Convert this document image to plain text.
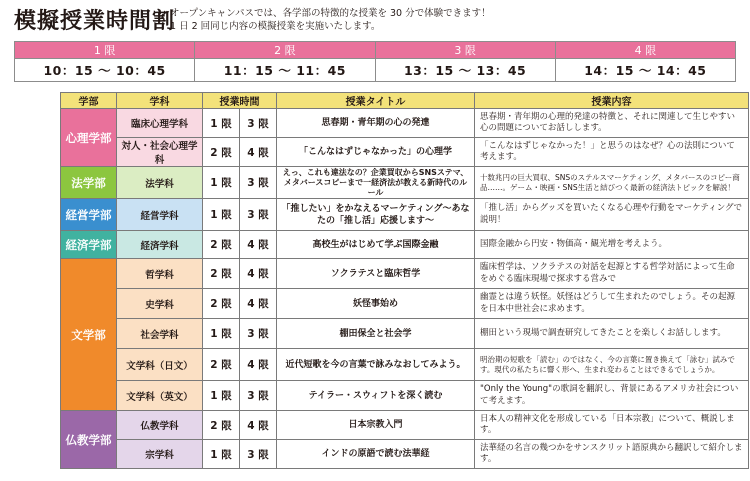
模擬授業時間割
オープンキャンパスでは、各学部の特徴的な授業を 30 分で体験できます！
1 日 2 回同じ内容の模擬授業を実施いたします。
1 限	2 限	3 限	4 限
10：15 〜 10：45	11：15 〜 11：45	13：15 〜 13：45	14：15 〜 14：45
学部	学科	授業時間		授業タイトル	授業内容
心理学部	臨床心理学科	1 限	3 限	思春期・青年期の心の発達	思春期・青年期の心理的発達の特徴と、それに関連して生じやすい心の問題についてお話しします。
	対人・社会心理学科	2 限	4 限	「こんなはずじゃなかった」の心理学	「こんなはずじゃなかった！」と思うのはなぜ？心の法則について考えます。
法学部	法学科	1 限	3 限	えっ、これも違法なの？企業買収からSNSステマ、メタバースコピーまで一経済法が教える新時代のルール	十数兆円の巨大買収、SNSのステルスマーケティング、メタバースのコピー商品……。ゲーム・映画・SNS生活と結びつく最新の経済法トピックを解説！
経営学部	経営学科	1 限	3 限	「推したい」をかなえるマーケティング〜あなたの「推し活」応援します〜	「推し活」からグッズを買いたくなる心理や行動をマーケティングで説明！
経済学部	経済学科	2 限	4 限	高校生がはじめて学ぶ国際金融	国際金融から円安・物価高・観光増を考えよう。
文学部	哲学科	2 限	4 限	ソクラテスと臨床哲学	臨床哲学は、ソクラテスの対話を起源とする哲学対話によって生命をめぐる臨床現場で探求する営みで
	史学科	2 限	4 限	妖怪事始め	幽霊とは違う妖怪。妖怪はどうして生まれたのでしょう。その起源を日本中世社会に求めます。
	社会学科	1 限	3 限	棚田保全と社会学	棚田という現場で調査研究してきたことを楽しくお話しします。
	文学科（日文）	2 限	4 限	近代短歌を今の言葉で詠みなおしてみよう。	明治期の短歌を「読む」のではなく、今の言葉に置き換えて「詠む」試みです。現代の私たちに響く形へ、生まれ変わることはできるでしょうか。
	文学科（英文）	1 限	3 限	テイラー・スウィフトを深く読む	"Only the Young"の歌詞を翻訳し、背景にあるアメリカ社会について考えます。
仏教学部	仏教学科	2 限	4 限	日本宗教入門	日本人の精神文化を形成している「日本宗教」について、概説します。
	宗学科	1 限	3 限	インドの原語で読む法華経	法華経の名言の幾つかをサンスクリット語原典から翻訳して紹介します。
